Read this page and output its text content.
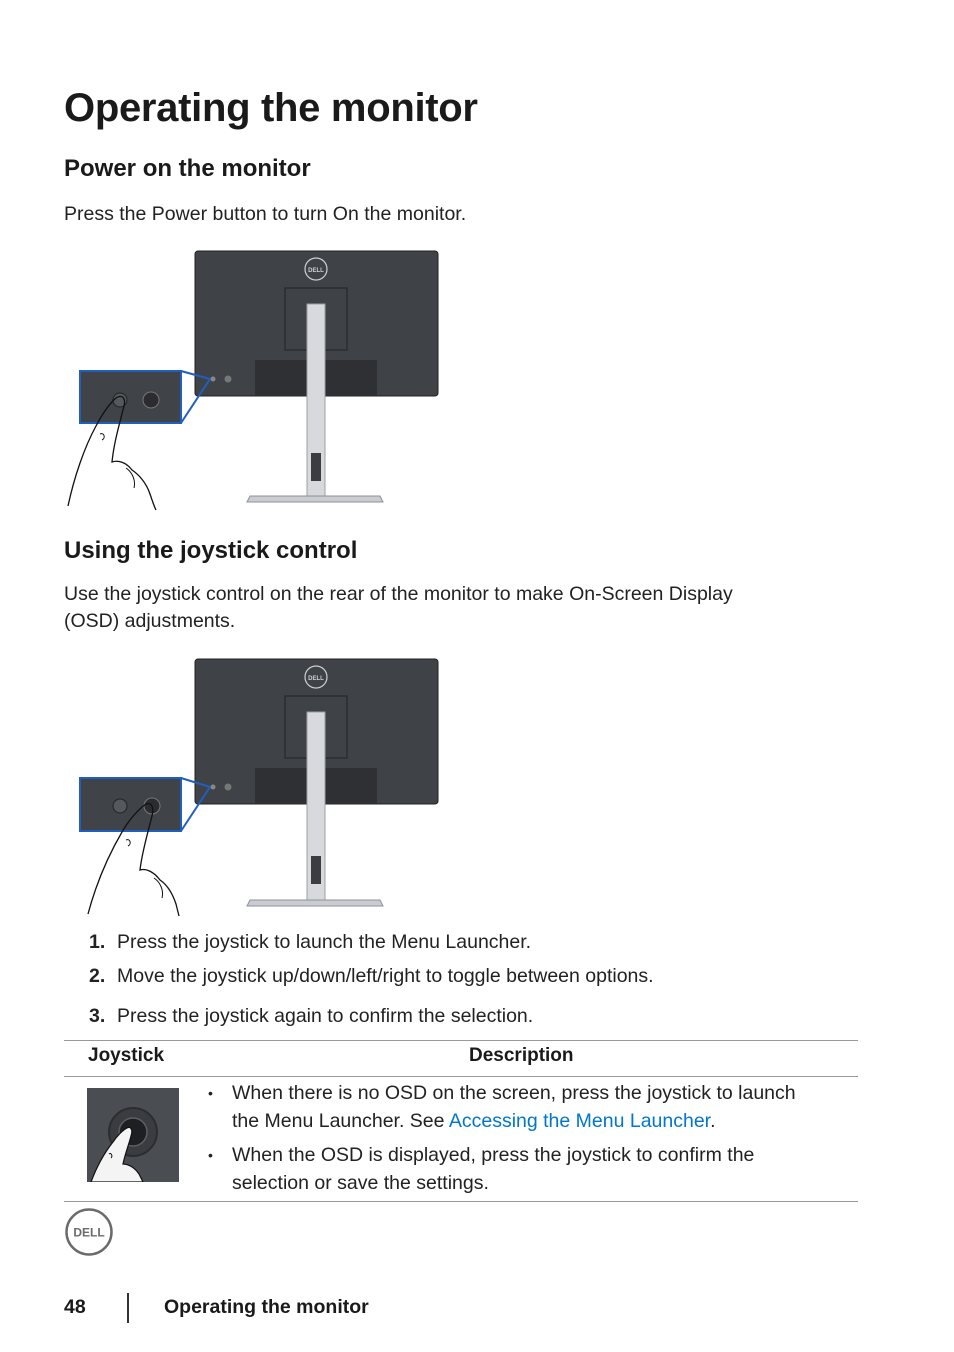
Operating the monitor
Power on the monitor
Press the Power button to turn On the monitor.
DELL
Using the joystick control
Use the joystick control on the rear of the monitor to make On-Screen Display
(OSD) adjustments.
DELL
1. Press the joystick to launch the Menu Launcher.
2. Move the joystick up/down/left/right to toggle between options.
3. Press the joystick again to confirm the selection.
Joystick	Description
• When there is no OSD on the screen, press the joystick to launch
the Menu Launcher. See Accessing the Menu Launcher.
• When the OSD is displayed, press the joystick to confirm the
selection or save the settings.
DELL
48	Operating the monitor
